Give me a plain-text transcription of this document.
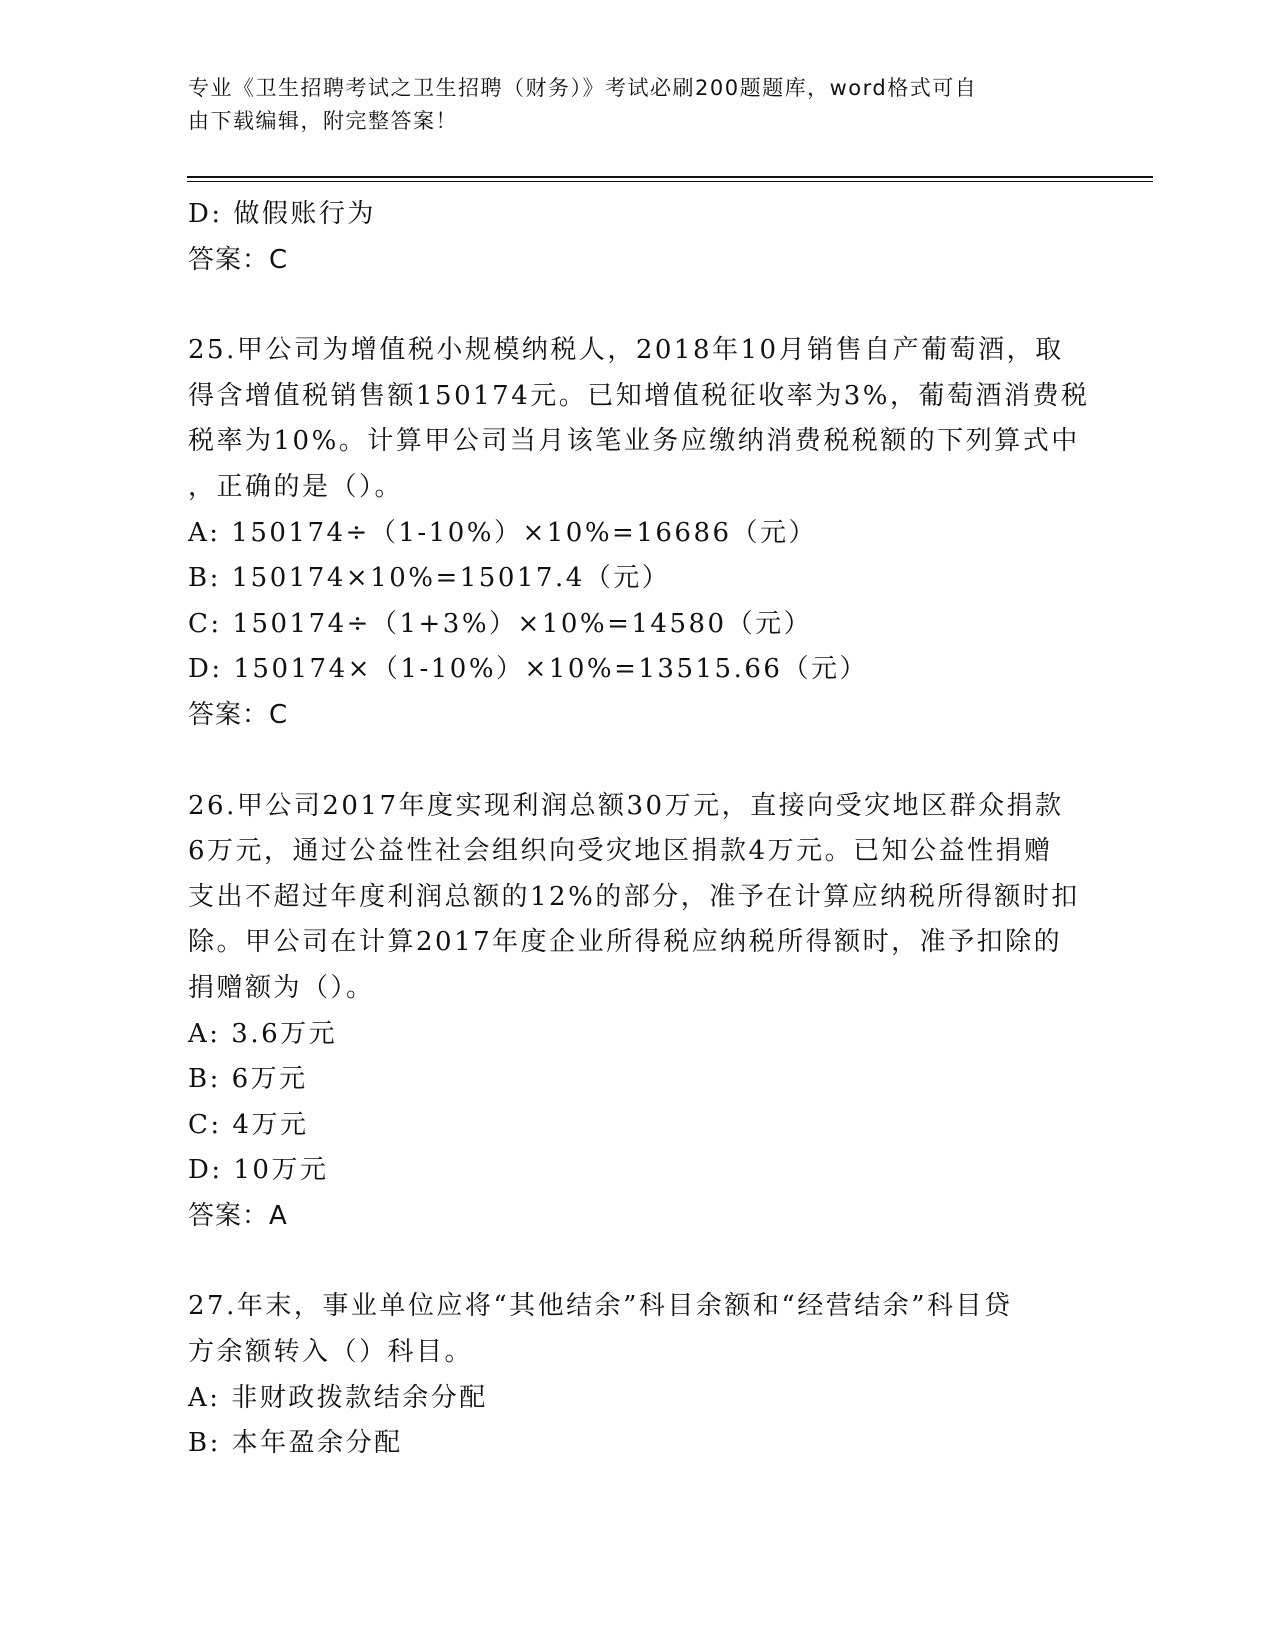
专业《卫生招聘考试之卫生招聘（财务）》考试必刷200题题库，word格式可自
由下载编辑，附完整答案！
D: 做假账行为
答案：C
25.甲公司为增值税小规模纳税人，2018年10月销售自产葡萄酒，取
得含增值税销售额150174元。已知增值税征收率为3%，葡萄酒消费税
税率为10%。计算甲公司当月该笔业务应缴纳消费税税额的下列算式中
，正确的是（）。
A: 150174÷（1-10%）×10%=16686（元）
B: 150174×10%=15017.4（元）
C: 150174÷（1+3%）×10%=14580（元）
D: 150174×（1-10%）×10%=13515.66（元）
答案：C
26.甲公司2017年度实现利润总额30万元，直接向受灾地区群众捐款
6万元，通过公益性社会组织向受灾地区捐款4万元。已知公益性捐赠
支出不超过年度利润总额的12%的部分，准予在计算应纳税所得额时扣
除。甲公司在计算2017年度企业所得税应纳税所得额时，准予扣除的
捐赠额为（）。
A: 3.6万元
B: 6万元
C: 4万元
D: 10万元
答案：A
27.年末，事业单位应将“其他结余”科目余额和“经营结余”科目贷
方余额转入（）科目。
A: 非财政拨款结余分配
B: 本年盈余分配
